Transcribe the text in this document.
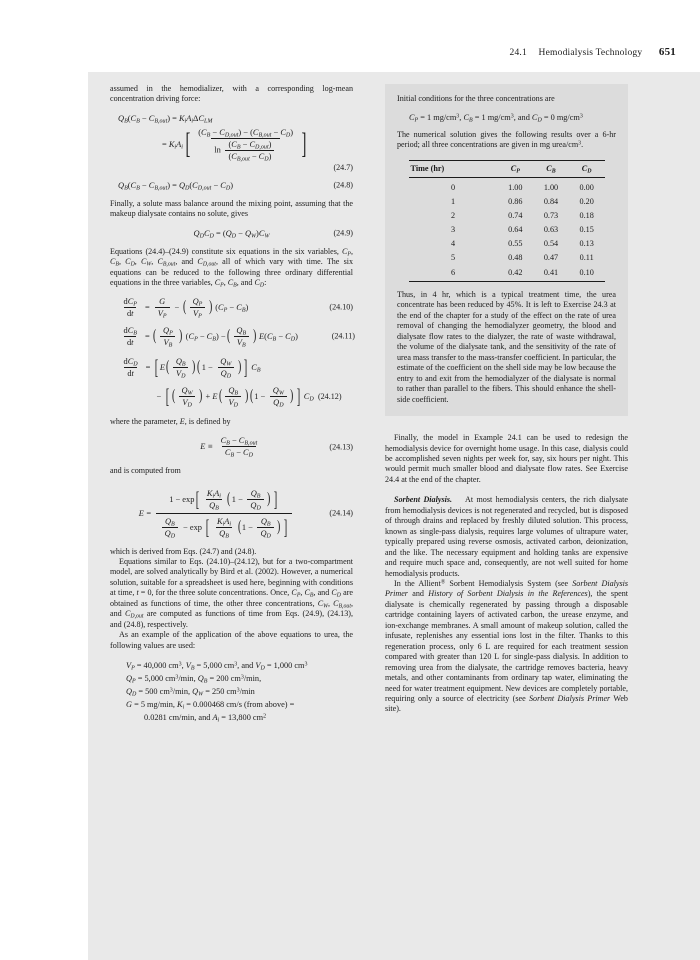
24.1 Hemodialysis Technology 651

assumed in the hemodializer, with a corresponding log-mean concentration driving force:

$Q_B(C_B - C_{B,out}) = K_iA_i\Delta C_{LM}$
= $K_iA_i$ [ $(C_B - C_{D,out}) - (C_{B,out} - C_D)$
$\ln \frac{(C_B - C_{D,out})}{(C_{B,out} - C_D)}$ ]
(24.7)
$Q_B(C_B - C_{B,out}) = Q_D(C_{D,out} - C_D)$	(24.8)

Finally, a solute mass balance around the mixing point, assuming that the makeup dialysate contains no solute, gives

$Q_DC_D = (Q_D - Q_W)C_W$	(24.9)

Equations (24.4)–(24.9) constitute six equations in the six variables, $C_P$, $C_B$, $C_D$, $C_W$, $C_{B,out}$, and $C_{D,out}$, all of which vary with time. The six equations can be reduced to the following three ordinary differential equations in the three variables, $C_P$, $C_B$, and $C_D$:

$\frac{dC_P}{dt} = \frac{G}{V_P}$ − ( $\frac{Q_P}{V_P}$ ) $(C_P - C_B)$	(24.10)
$\frac{dC_B}{dt}$ = ( $\frac{Q_P}{V_B}$ ) $(C_P - C_B)$ − ( $\frac{Q_B}{V_B}$ ) $E(C_B - C_D)$	(24.11)
$\frac{dC_D}{dt}$ = [ E ( $\frac{Q_B}{V_D}$ ) ( $1 - \frac{Q_W}{Q_D}$ ) ] $C_B$
− [ ( $\frac{Q_W}{V_D}$ ) + E ( $\frac{Q_B}{V_D}$ ) ( $1 - \frac{Q_W}{Q_D}$ ) ] $C_D$ (24.12)

where the parameter, E, is defined by

$E \equiv \frac{C_B - C_{B,out}}{C_B - C_D}$	(24.13)

and is computed from

E =
1 − exp [ $\frac{K_iA_i}{Q_B}$ ( $1 - \frac{Q_B}{Q_D}$ ) ]
$\frac{Q_B}{Q_D} - \exp$ [ $\frac{K_iA_i}{Q_B}$ ( $1 - \frac{Q_B}{Q_D}$ ) ]
(24.14)

which is derived from Eqs. (24.7) and (24.8).

Equations similar to Eqs. (24.10)–(24.12), but for a two-compartment model, are solved analytically by Bird et al. (2002). However, a numerical solution, suitable for a spreadsheet is used here, beginning with conditions at time, t = 0, for the three solute concentrations. Once, $C_P$, $C_B$, and $C_D$ are obtained as functions of time, the other three concentrations, $C_W$, $C_{B,out}$, and $C_{D,out}$ are computed as functions of time from Eqs. (24.9), (24.13), and (24.8), respectively.

As an example of the application of the above equations to urea, the following values are used:

$V_P = 40,000$ $cm^3$, $V_B = 5,000$ $cm^3$, and $V_D = 1,000$ $cm^3$
$Q_P = 5,000$ $cm^3/\min$, $Q_B = 200$ $cm^3/\min$,
$Q_D = 500$ $cm^3/\min$, $Q_W = 250$ $cm^3/\min$
G = 5 mg/min, $K_i = 0.000468$ cm/s (from above) =
0.0281 cm/min, and $A_i = 13,800$ $cm^2$

Initial conditions for the three concentrations are

$C_P = 1$ $mg/cm^3$, $C_B = 1$ $mg/cm^3$, and $C_D = 0$ $mg/cm^3$

The numerical solution gives the following results over a 6-hr period; all three concentrations are given in mg urea/$cm^3$.

Time (hr)	$C_P$	$C_B$	$C_D$
0	1.00	1.00	0.00
1	0.86	0.84	0.20
2	0.74	0.73	0.18
3	0.64	0.63	0.15
4	0.55	0.54	0.13
5	0.48	0.47	0.11
6	0.42	0.41	0.10

Thus, in 4 hr, which is a typical treatment time, the urea concentrate has been reduced by 45%. It is left to Exercise 24.3 at the end of the chapter for a study of the effect on the rate of urea removal of changing the hemodialyzer geometry, the blood and dialysate flow rates to the dialyzer, the rate of waste withdrawal, the volume of the dialysate tank, and the sensitivity of the rate of urea mass transfer to the mass-transfer coefficient. In particular, the estimate of the coefficient on the shell side may be low because the entry to and exit from the hemodialyzer of the dialysate is normal to rather than parallel to the fibers. This should enhance the shell-side coefficient.

Finally, the model in Example 24.1 can be used to redesign the hemodialysis device for overnight home usage. In this case, dialysis could be accomplished seven nights per week for, say, six hours per night. This would permit much smaller blood and dialysate flow rates. See Exercise 24.4 at the end of the chapter.

Sorbent Dialysis. At most hemodialysis centers, the rich dialysate from hemodialysis devices is not regenerated and recycled, but is disposed of through drains and replaced by freshly diluted solution. This process, known as single-pass dialysis, requires large volumes of ultrapure water, typically prepared using reverse osmosis, activated carbon, deionization, and the like. The necessary equipment and holding tanks are expensive and require much space and, consequently, are not well suited for home hemodialysis products.

In the Allient® Sorbent Hemodialysis System (see Sorbent Dialysis Primer and History of Sorbent Dialysis in the References), the spent dialysate is chemically regenerated by passing through a disposable cartridge containing layers of activated carbon, the urease enzyme, and ion-exchange membranes. A small amount of makeup solution, called the infusate, replenishes any essential ions lost in the filter. Thanks to this regeneration process, only 6 L are required for each treatment session compared with greater than 120 L for single-pass dialysis. In addition to removing urea from the dialysate, the cartridge removes bacteria, heavy metals, and other contaminants from ordinary tap water, eliminating the need for water treatment equipment. New devices are completely portable, requiring only a source of electricity (see Sorbent Dialysis Primer Web site).
